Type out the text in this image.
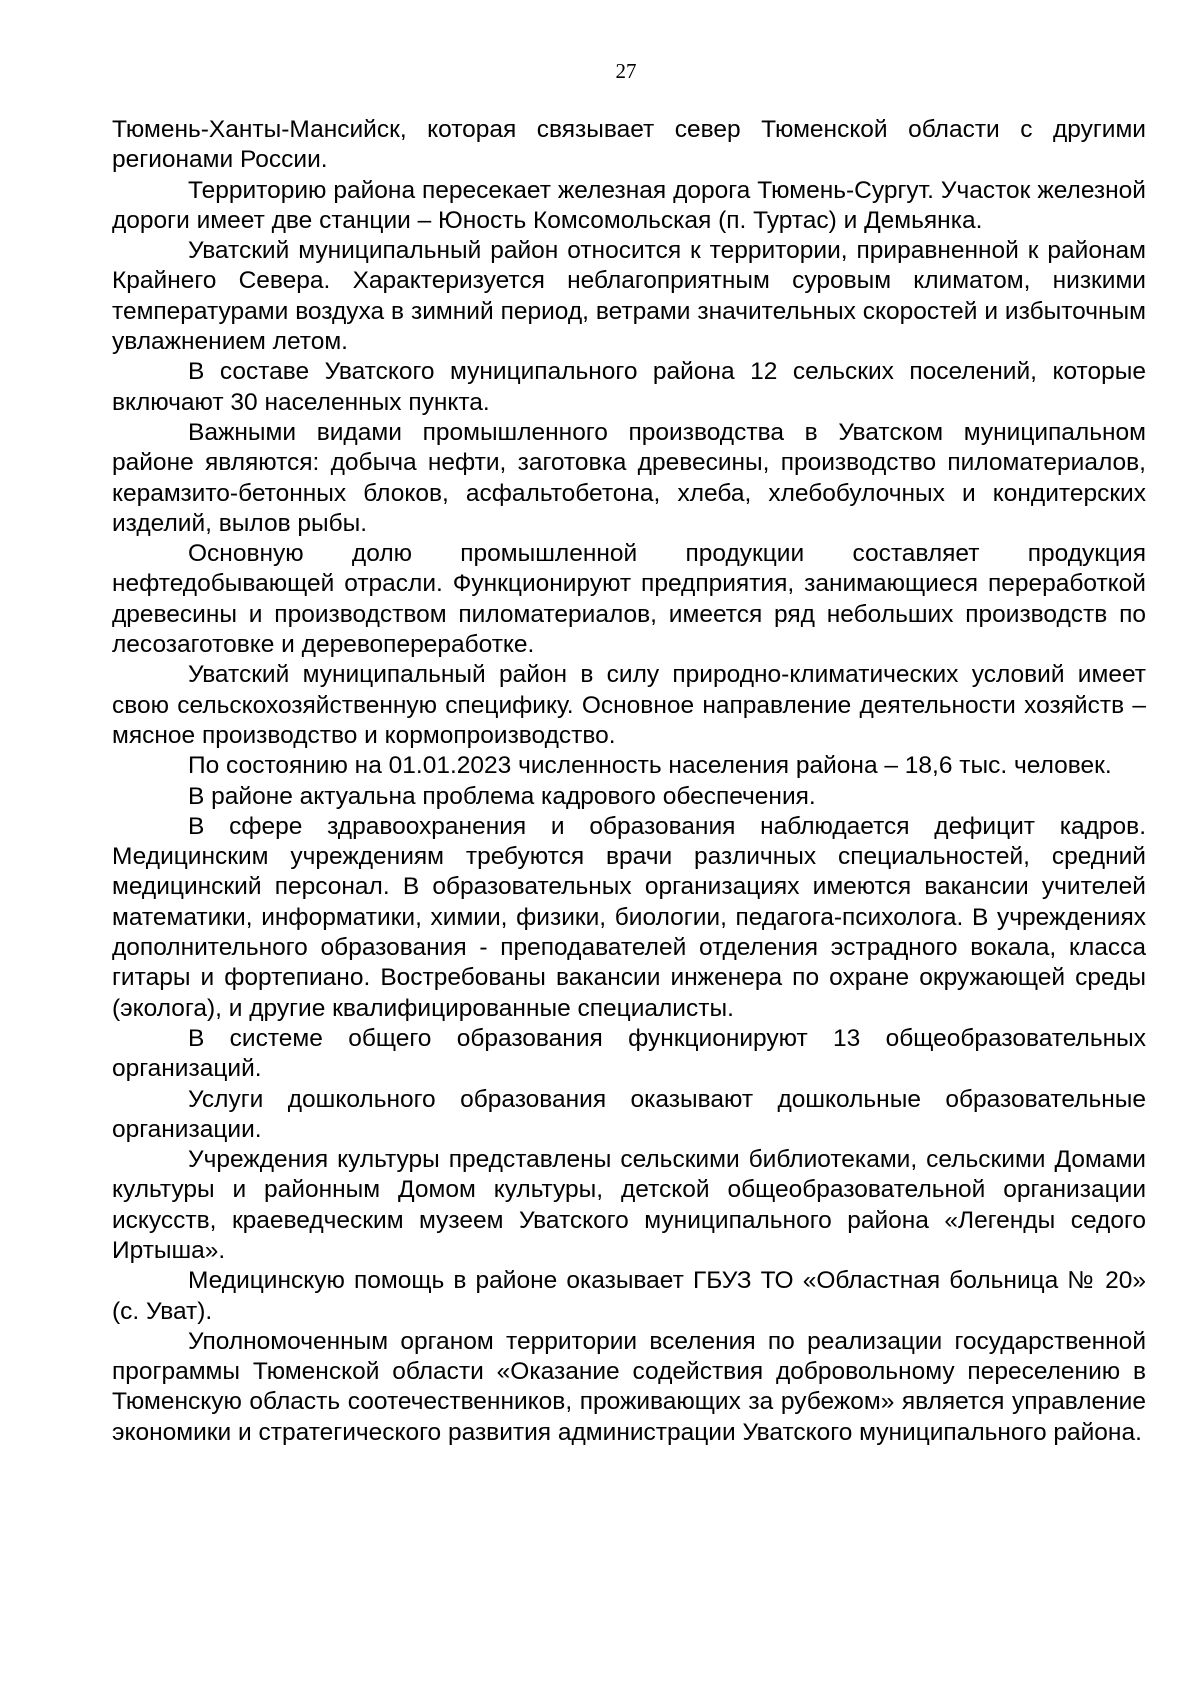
27

Тюмень-Ханты-Мансийск, которая связывает север Тюменской области с другими регионами России.

Территорию района пересекает железная дорога Тюмень-Сургут. Участок железной дороги имеет две станции – Юность Комсомольская (п. Туртас) и Демьянка.

Уватский муниципальный район относится к территории, приравненной к районам Крайнего Севера. Характеризуется неблагоприятным суровым климатом, низкими температурами воздуха в зимний период, ветрами значительных скоростей и избыточным увлажнением летом.

В составе Уватского муниципального района 12 сельских поселений, которые включают 30 населенных пункта.

Важными видами промышленного производства в Уватском муниципальном районе являются: добыча нефти, заготовка древесины, производство пиломатериалов, керамзито-бетонных блоков, асфальтобетона, хлеба, хлебобулочных и кондитерских изделий, вылов рыбы.

Основную долю промышленной продукции составляет продукция нефтедобывающей отрасли. Функционируют предприятия, занимающиеся переработкой древесины и производством пиломатериалов, имеется ряд небольших производств по лесозаготовке и деревопереработке.

Уватский муниципальный район в силу природно-климатических условий имеет свою сельскохозяйственную специфику. Основное направление деятельности хозяйств – мясное производство и кормопроизводство.

По состоянию на 01.01.2023 численность населения района – 18,6 тыс. человек.

В районе актуальна проблема кадрового обеспечения.

В сфере здравоохранения и образования наблюдается дефицит кадров. Медицинским учреждениям требуются врачи различных специальностей, средний медицинский персонал. В образовательных организациях имеются вакансии учителей математики, информатики, химии, физики, биологии, педагога-психолога. В учреждениях дополнительного образования - преподавателей отделения эстрадного вокала, класса гитары и фортепиано. Востребованы вакансии инженера по охране окружающей среды (эколога), и другие квалифицированные специалисты.

В системе общего образования функционируют 13 общеобразовательных организаций.

Услуги дошкольного образования оказывают дошкольные образовательные организации.

Учреждения культуры представлены сельскими библиотеками, сельскими Домами культуры и районным Домом культуры, детской общеобразовательной организации искусств, краеведческим музеем Уватского муниципального района «Легенды седого Иртыша».

Медицинскую помощь в районе оказывает ГБУЗ ТО «Областная больница № 20» (с. Уват).

Уполномоченным органом территории вселения по реализации государственной программы Тюменской области «Оказание содействия добровольному переселению в Тюменскую область соотечественников, проживающих за рубежом» является управление экономики и стратегического развития администрации Уватского муниципального района.
